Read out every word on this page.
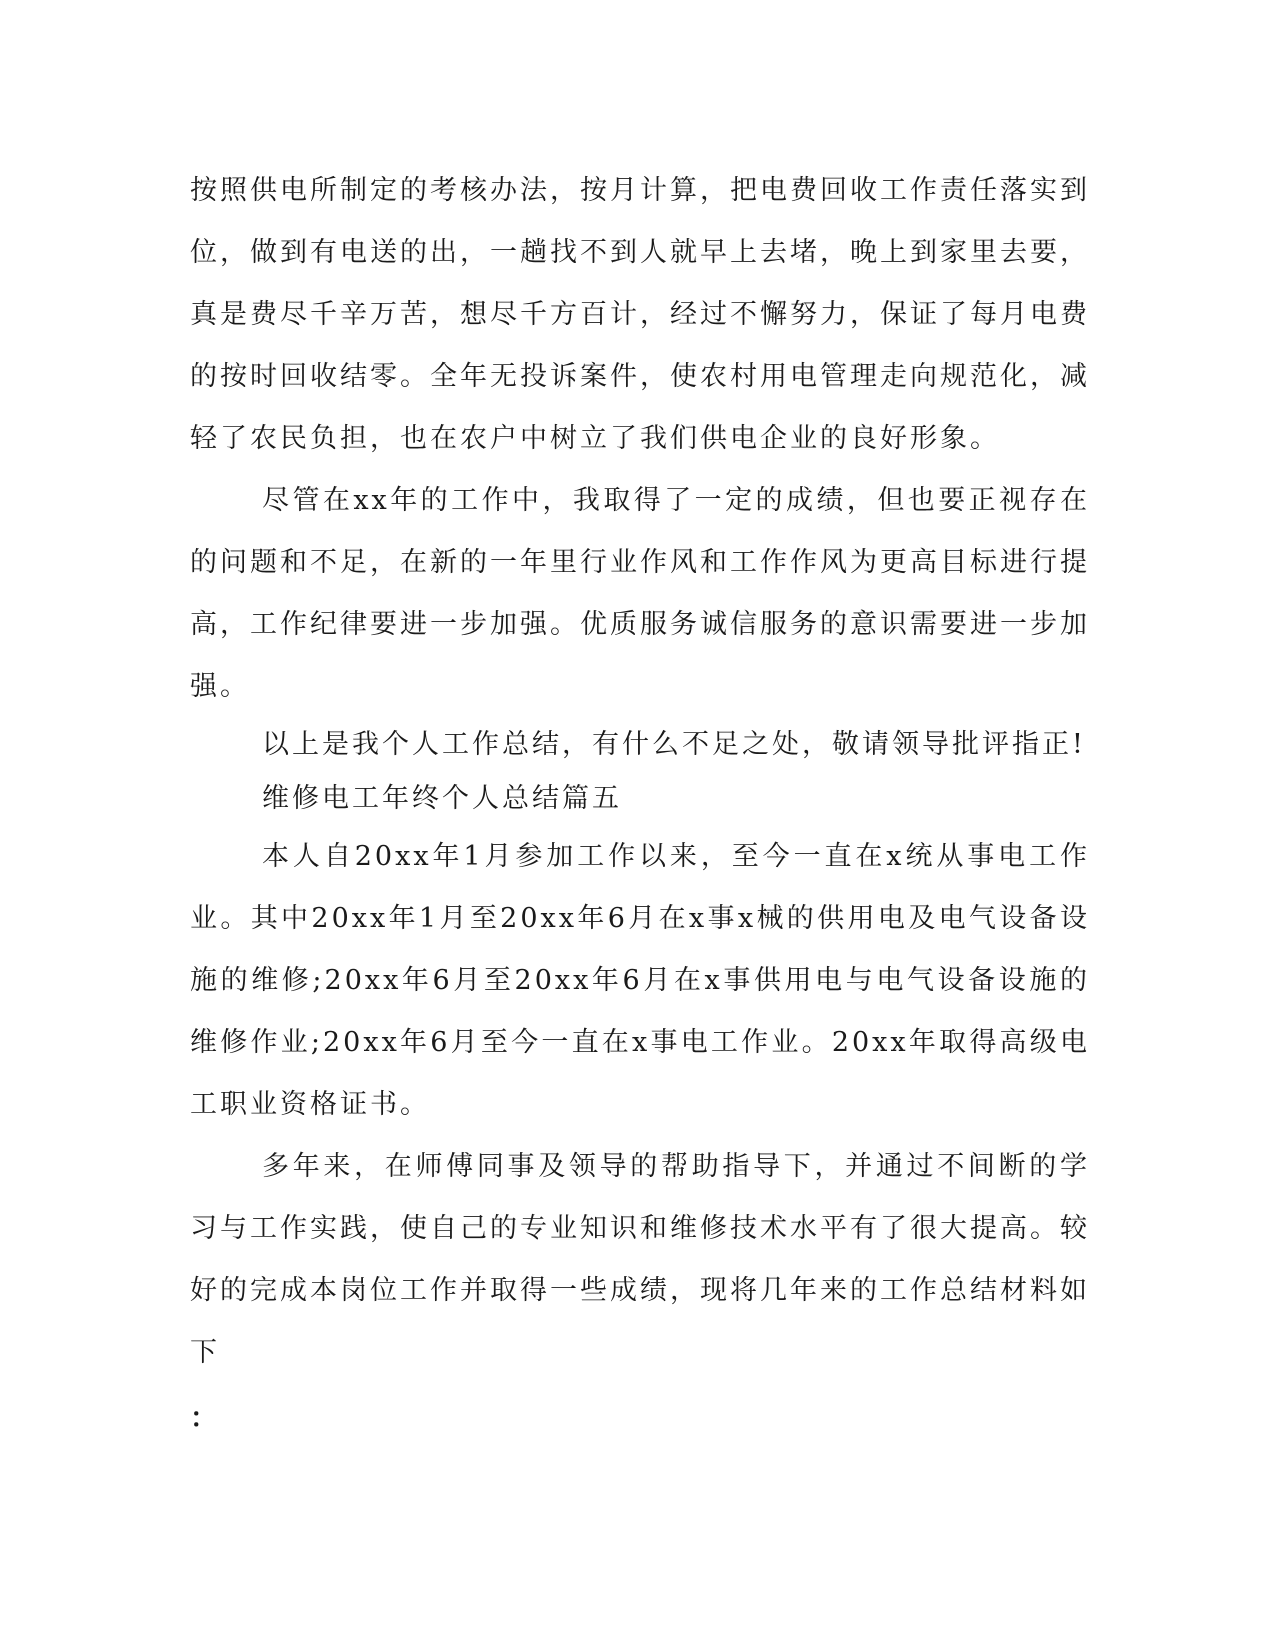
按照供电所制定的考核办法，按月计算，把电费回收工作责任落实到位，做到有电送的出，一趟找不到人就早上去堵，晚上到家里去要，真是费尽千辛万苦，想尽千方百计，经过不懈努力，保证了每月电费的按时回收结零。全年无投诉案件，使农村用电管理走向规范化，减轻了农民负担，也在农户中树立了我们供电企业的良好形象。

尽管在xx年的工作中，我取得了一定的成绩，但也要正视存在的问题和不足，在新的一年里行业作风和工作作风为更高目标进行提高，工作纪律要进一步加强。优质服务诚信服务的意识需要进一步加强。

以上是我个人工作总结，有什么不足之处，敬请领导批评指正!

维修电工年终个人总结篇五

本人自20xx年1月参加工作以来，至今一直在x统从事电工作业。其中20xx年1月至20xx年6月在x事x械的供用电及电气设备设施的维修;20xx年6月至20xx年6月在x事供用电与电气设备设施的维修作业;20xx年6月至今一直在x事电工作业。20xx年取得高级电工职业资格证书。

多年来，在师傅同事及领导的帮助指导下，并通过不间断的学习与工作实践，使自己的专业知识和维修技术水平有了很大提高。较好的完成本岗位工作并取得一些成绩，现将几年来的工作总结材料如下

：
